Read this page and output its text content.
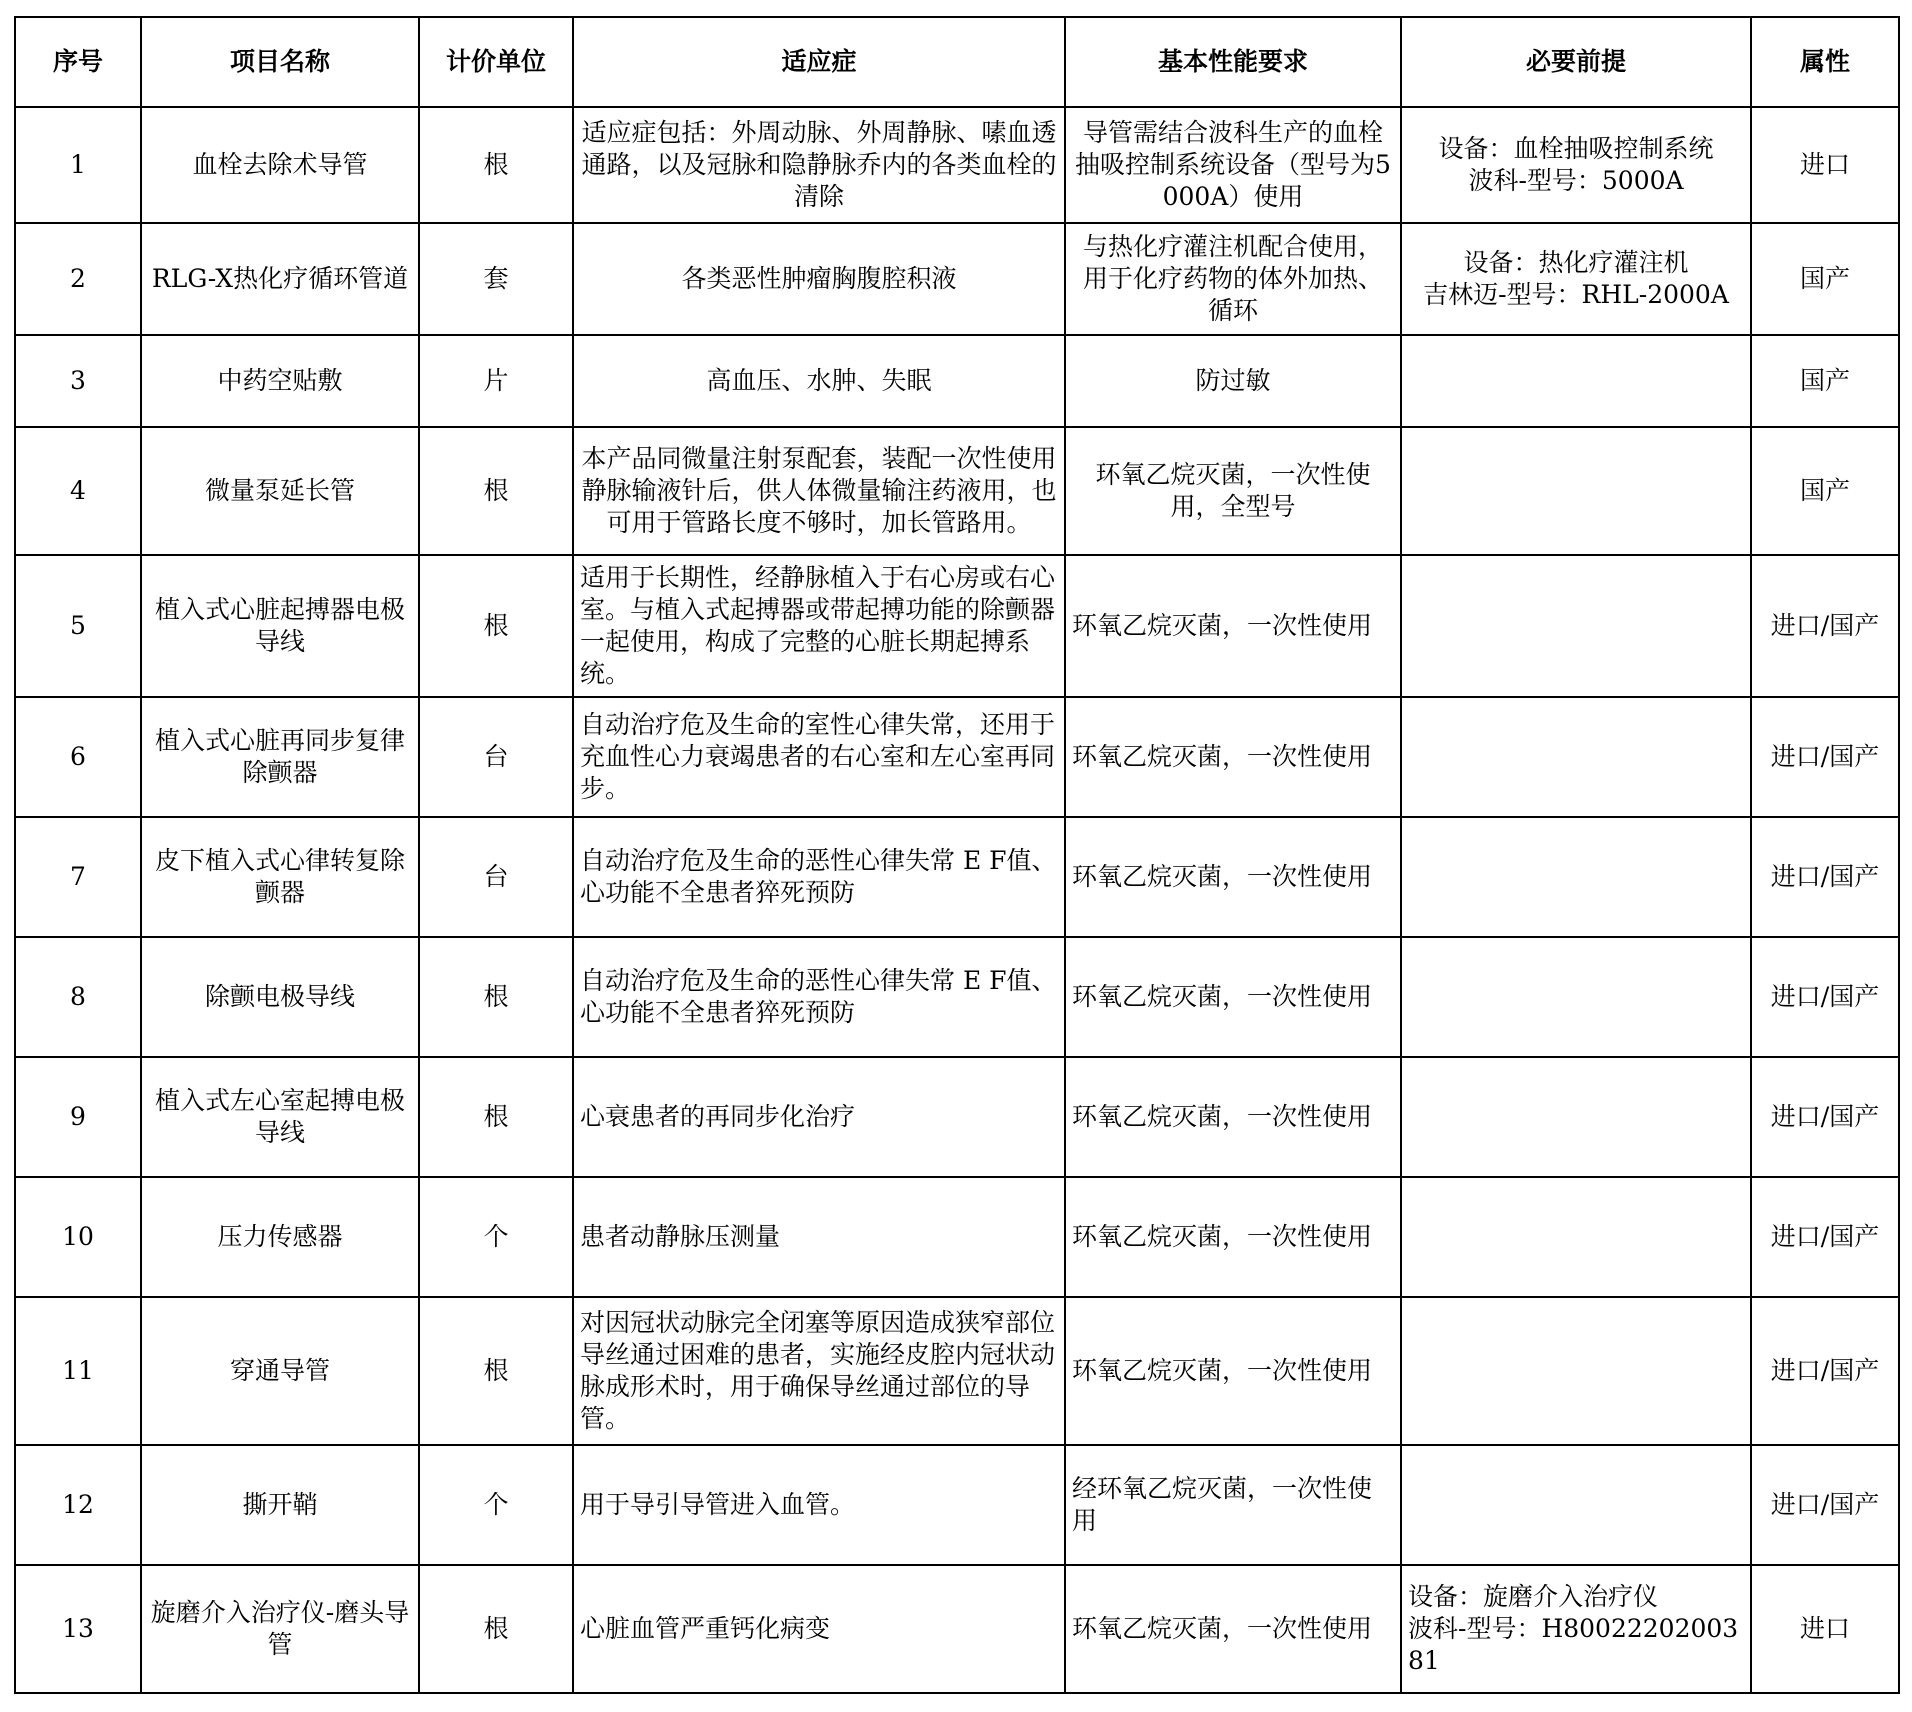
序号	项目名称	计价单位	适应症	基本性能要求	必要前提	属性

1	血栓去除术导管	根	适应症包括：外周动脉、外周静脉、嗉血透通路，以及冠脉和隐静脉乔内的各类血栓的清除	导管需结合波科生产的血栓抽吸控制系统设备（型号为5000A）使用	设备：血栓抽吸控制系统
波科-型号：5000A	进口

2	RLG-X热化疗循环管道	套	各类恶性肿瘤胸腹腔积液	与热化疗灌注机配合使用，用于化疗药物的体外加热、循环	设备：热化疗灌注机
吉林迈-型号：RHL-2000A	国产

3	中药空贴敷	片	高血压、水肿、失眠	防过敏		国产

4	微量泵延长管	根	本产品同微量注射泵配套，装配一次性使用静脉输液针后，供人体微量输注药液用，也可用于管路长度不够时，加长管路用。	环氧乙烷灭菌，一次性使用，全型号		国产

5	植入式心脏起搏器电极导线	根	适用于长期性，经静脉植入于右心房或右心室。与植入式起搏器或带起搏功能的除颤器一起使用，构成了完整的心脏长期起搏系统。	环氧乙烷灭菌，一次性使用		进口/国产

6	植入式心脏再同步复律除颤器	台	自动治疗危及生命的室性心律失常，还用于充血性心力衰竭患者的右心室和左心室再同步。	环氧乙烷灭菌，一次性使用		进口/国产

7	皮下植入式心律转复除颤器	台	自动治疗危及生命的恶性心律失常 E F值、心功能不全患者猝死预防	环氧乙烷灭菌，一次性使用		进口/国产

8	除颤电极导线	根	自动治疗危及生命的恶性心律失常 E F值、心功能不全患者猝死预防	环氧乙烷灭菌，一次性使用		进口/国产

9	植入式左心室起搏电极导线	根	心衰患者的再同步化治疗	环氧乙烷灭菌，一次性使用		进口/国产

10	压力传感器	个	患者动静脉压测量	环氧乙烷灭菌，一次性使用		进口/国产

11	穿通导管	根	对因冠状动脉完全闭塞等原因造成狭窄部位导丝通过困难的患者，实施经皮腔内冠状动脉成形术时，用于确保导丝通过部位的导管。	环氧乙烷灭菌，一次性使用		进口/国产

12	撕开鞘	个	用于导引导管进入血管。	经环氧乙烷灭菌，一次性使用		进口/国产

13	旋磨介入治疗仪-磨头导管	根	心脏血管严重钙化病变	环氧乙烷灭菌，一次性使用	设备：旋磨介入治疗仪
波科-型号：H8002220200381	进口
